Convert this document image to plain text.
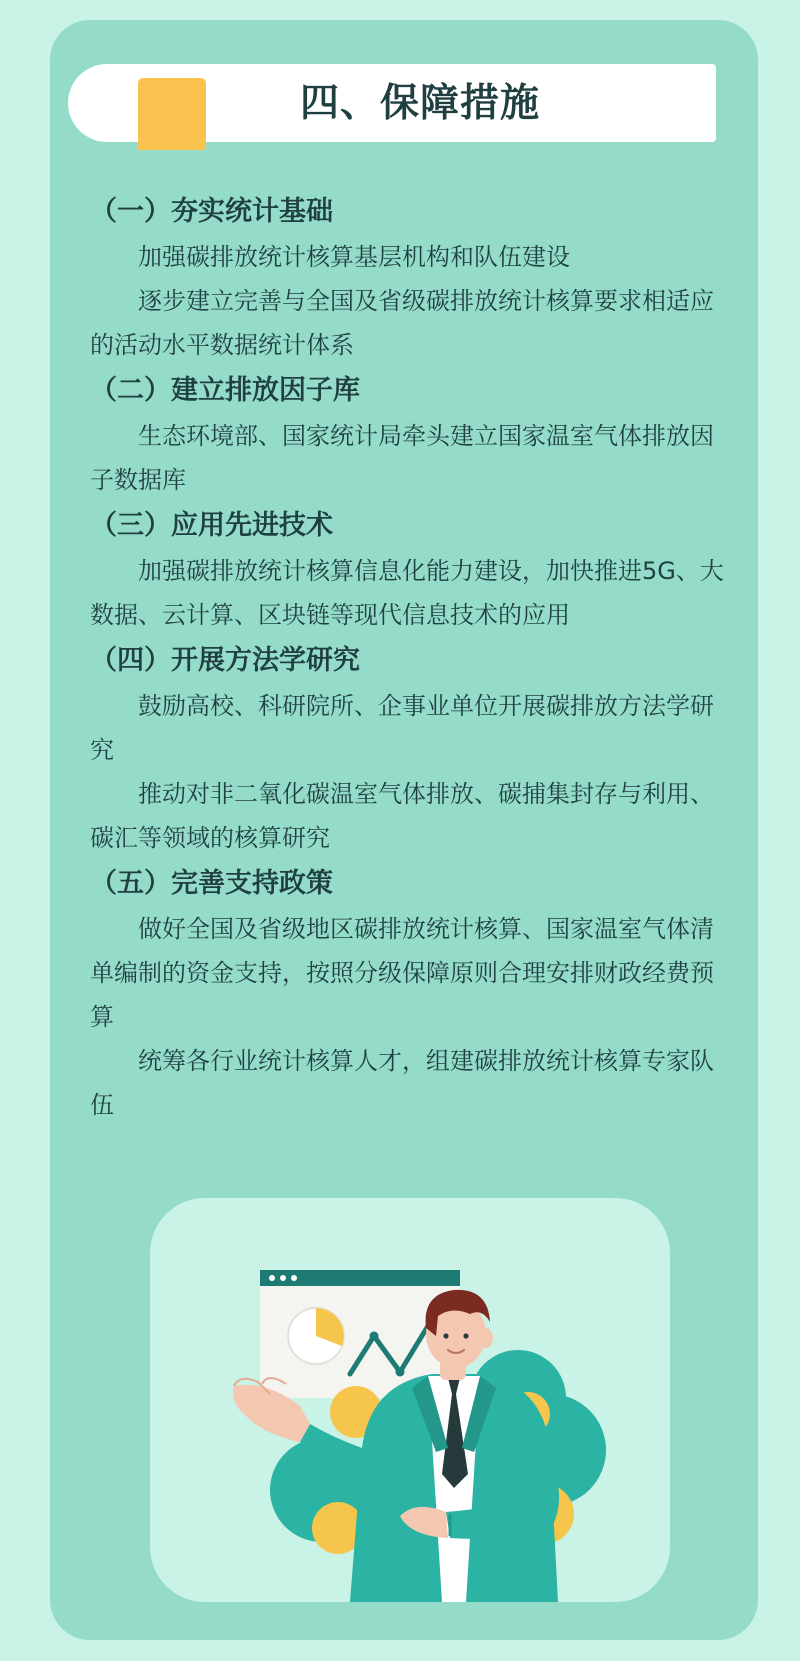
四、保障措施
（一）夯实统计基础

加强碳排放统计核算基层机构和队伍建设

逐步建立完善与全国及省级碳排放统计核算要求相适应的活动水平数据统计体系

（二）建立排放因子库

生态环境部、国家统计局牵头建立国家温室气体排放因子数据库

（三）应用先进技术

加强碳排放统计核算信息化能力建设，加快推进5G、大数据、云计算、区块链等现代信息技术的应用

（四）开展方法学研究

鼓励高校、科研院所、企事业单位开展碳排放方法学研究

推动对非二氧化碳温室气体排放、碳捕集封存与利用、碳汇等领域的核算研究

（五）完善支持政策

做好全国及省级地区碳排放统计核算、国家温室气体清单编制的资金支持，按照分级保障原则合理安排财政经费预算

统筹各行业统计核算人才，组建碳排放统计核算专家队伍
